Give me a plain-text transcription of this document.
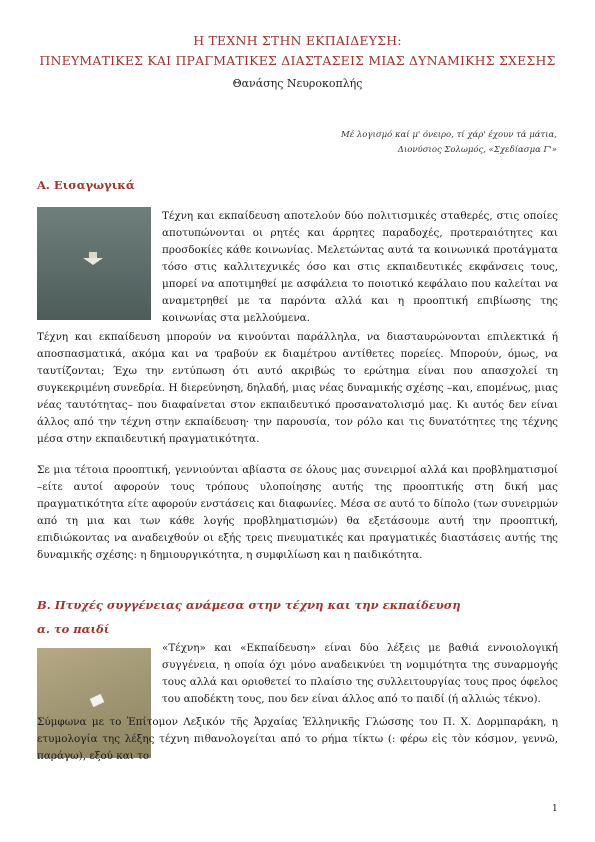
Η ΤΕΧΝΗ ΣΤΗΝ ΕΚΠΑΙΔΕΥΣΗ:
ΠΝΕΥΜΑΤΙΚΕΣ ΚΑΙ ΠΡΑΓΜΑΤΙΚΕΣ ΔΙΑΣΤΑΣΕΙΣ ΜΙΑΣ ΔΥΝΑΜΙΚΗΣ ΣΧΕΣΗΣ
Θανάσης Νευροκοπλής
Μέ λογισμό καί μ' όνειρο, τί χάρ' έχουν τά μάτια,
Διονύσιος Σολωμός, «Σχεδίασμα Γ'»
Α. Εισαγωγικά

Τέχνη και εκπαίδευση αποτελούν δύο πολιτισμικές σταθερές, στις οποίες αποτυπώνονται οι ρητές και άρρητες παραδοχές, προτεραιότητες και προσδοκίες κάθε κοινωνίας. Μελετώντας αυτά τα κοινωνικά προτάγματα τόσο στις καλλιτεχνικές όσο και στις εκπαιδευτικές εκφάνσεις τους, μπορεί να αποτιμηθεί με ασφάλεια το ποιοτικό κεφάλαιο που καλείται να αναμετρηθεί με τα παρόντα αλλά και η προοπτική επιβίωσης της κοινωνίας στα μελλούμενα.

Τέχνη και εκπαίδευση μπορούν να κινούνται παράλληλα, να διασταυρώνονται επιλεκτικά ή αποσπασματικά, ακόμα και να τραβούν εκ διαμέτρου αντίθετες πορείες. Μπορούν, όμως, να ταυτίζονται; Έχω την εντύπωση ότι αυτό ακριβώς το ερώτημα είναι που απασχολεί τη συγκεκριμένη συνεδρία. Η διερεύνηση, δηλαδή, μιας νέας δυναμικής σχέσης –και, επομένως, μιας νέας ταυτότητας– που διαφαίνεται στον εκπαιδευτικό προσανατολισμό μας. Κι αυτός δεν είναι άλλος από την τέχνη στην εκπαίδευση· την παρουσία, τον ρόλο και τις δυνατότητες της τέχνης μέσα στην εκπαιδευτική πραγματικότητα.

Σε μια τέτοια προοπτική, γεννιούνται αβίαστα σε όλους μας συνειρμοί αλλά και προβληματισμοί –είτε αυτοί αφορούν τους τρόπους υλοποίησης αυτής της προοπτικής στη δική μας πραγματικότητα είτε αφορούν ενστάσεις και διαφωνίες. Μέσα σε αυτό το δίπολο (των συνειρμών από τη μια και των κάθε λογής προβληματισμών) θα εξετάσουμε αυτή την προοπτική, επιδιώκοντας να αναδειχθούν οι εξής τρεις πνευματικές και πραγματικές διαστάσεις αυτής της δυναμικής σχέσης: η δημιουργικότητα, η συμφιλίωση και η παιδικότητα.

Β. Πτυχές συγγένειας ανάμεσα στην τέχνη και την εκπαίδευση
α. το παιδί

«Τέχνη» και «Εκπαίδευση» είναι δύο λέξεις με βαθιά εννοιολογική συγγένεια, η οποία όχι μόνο αναδεικνύει τη νομιμότητα της συναρμογής τους αλλά και οριοθετεί το πλαίσιο της συλλειτουργίας τους προς όφελος του αποδέκτη τους, που δεν είναι άλλος από το παιδί (ή αλλιώς τέκνο).

Σύμφωνα με το Ἐπίτομον Λεξικόν τῆς Ἀρχαίας Ἑλληνικῆς Γλώσσης του Π. Χ. Δορμπαράκη, η ετυμολογία της λέξης τέχνη πιθανολογείται από το ρήμα τίκτω (: φέρω εἰς τὸν κόσμον, γεννῶ, παράγω), εξού και το

1
